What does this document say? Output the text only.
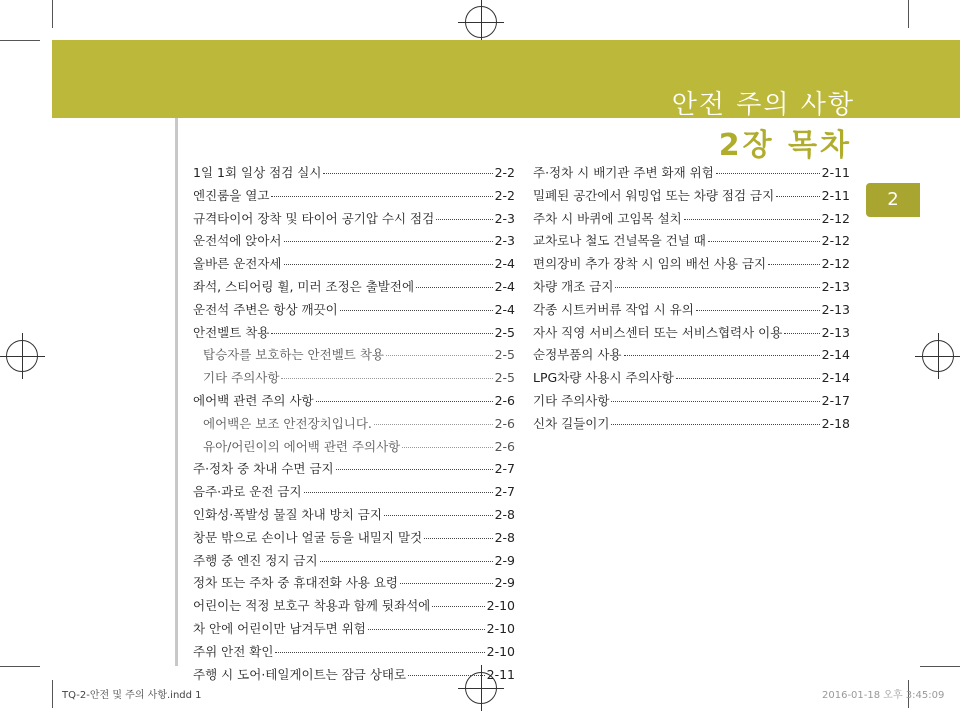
안전 주의 사항
2장 목차
2
1일 1회 일상 점검 실시	2-2
엔진룸을 열고	2-2
규격타이어 장착 및 타이어 공기압 수시 점검	2-3
운전석에 앉아서	2-3
올바른 운전자세	2-4
좌석, 스티어링 휠, 미러 조정은 출발전에	2-4
운전석 주변은 항상 깨끗이	2-4
안전벨트 착용	2-5
탑승자를 보호하는 안전벨트 착용	2-5
기타 주의사항	2-5
에어백 관련 주의 사항	2-6
에어백은 보조 안전장치입니다.	2-6
유아/어린이의 에어백 관련 주의사항	2-6
주·정차 중 차내 수면 금지	2-7
음주·과로 운전 금지	2-7
인화성·폭발성 물질 차내 방치 금지	2-8
창문 밖으로 손이나 얼굴 등을 내밀지 말것	2-8
주행 중 엔진 정지 금지	2-9
정차 또는 주차 중 휴대전화 사용 요령	2-9
어린이는 적정 보호구 착용과 함께 뒷좌석에	2-10
차 안에 어린이만 남겨두면 위험	2-10
주위 안전 확인	2-10
주행 시 도어·테일게이트는 잠금 상태로	2-11
주·정차 시 배기관 주변 화재 위험	2-11
밀폐된 공간에서 워밍업 또는 차량 점검 금지	2-11
주차 시 바퀴에 고임목 설치	2-12
교차로나 철도 건널목을 건널 때	2-12
편의장비 추가 장착 시 임의 배선 사용 금지	2-12
차량 개조 금지	2-13
각종 시트커버류 작업 시 유의	2-13
자사 직영 서비스센터 또는 서비스협력사 이용	2-13
순정부품의 사용	2-14
LPG차량 사용시 주의사항	2-14
기타 주의사항	2-17
신차 길들이기	2-18
TQ-2-안전 및 주의 사항.indd 1	2016-01-18 오후 3:45:09
